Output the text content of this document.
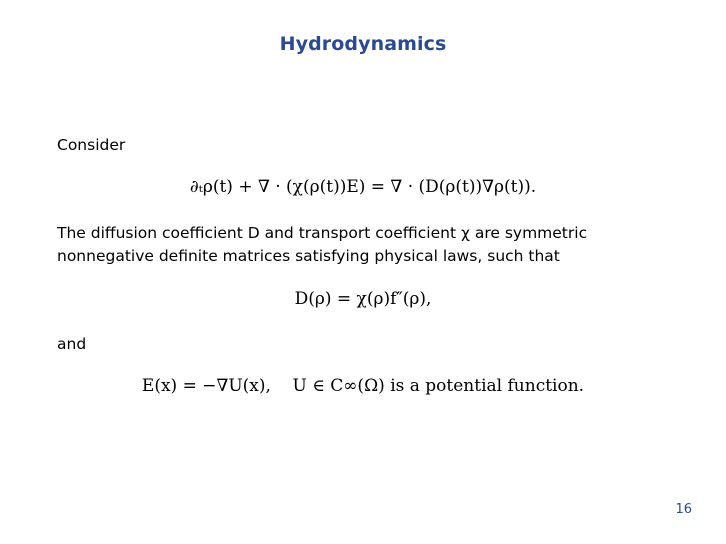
Hydrodynamics
Consider
∂ₜρ(t) + ∇ · (χ(ρ(t))E) = ∇ · (D(ρ(t))∇ρ(t)).
The diffusion coefficient D and transport coefficient χ are symmetric
nonnegative definite matrices satisfying physical laws, such that
D(ρ) = χ(ρ)f″(ρ),
and
E(x) = −∇U(x),    U ∈ C∞(Ω) is a potential function.
16
